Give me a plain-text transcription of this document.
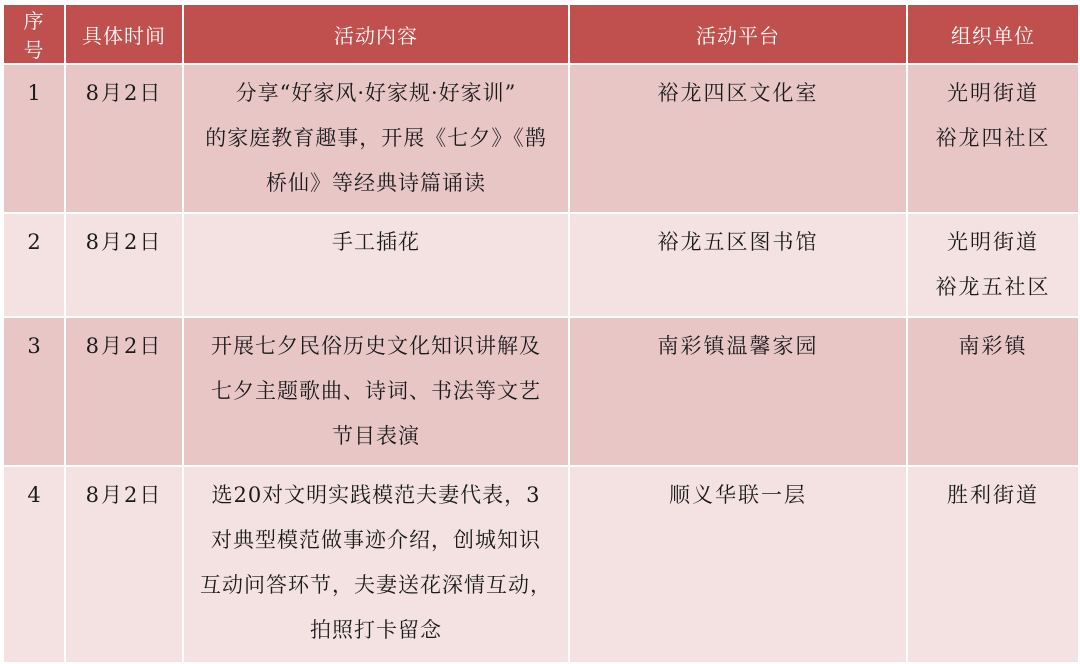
序号	具体时间	活动内容	活动平台	组织单位
1	8月2日	分享“好家风·好家规·好家训”
的家庭教育趣事，开展《七夕》《鹊
桥仙》等经典诗篇诵读	裕龙四区文化室	光明街道
裕龙四社区

2	8月2日	手工插花	裕龙五区图书馆	光明街道
裕龙五社区

3	8月2日	开展七夕民俗历史文化知识讲解及
七夕主题歌曲、诗词、书法等文艺
节目表演	南彩镇温馨家园	南彩镇

4	8月2日	选20对文明实践模范夫妻代表，3
对典型模范做事迹介绍，创城知识
互动问答环节，夫妻送花深情互动，
拍照打卡留念	顺义华联一层	胜利街道
